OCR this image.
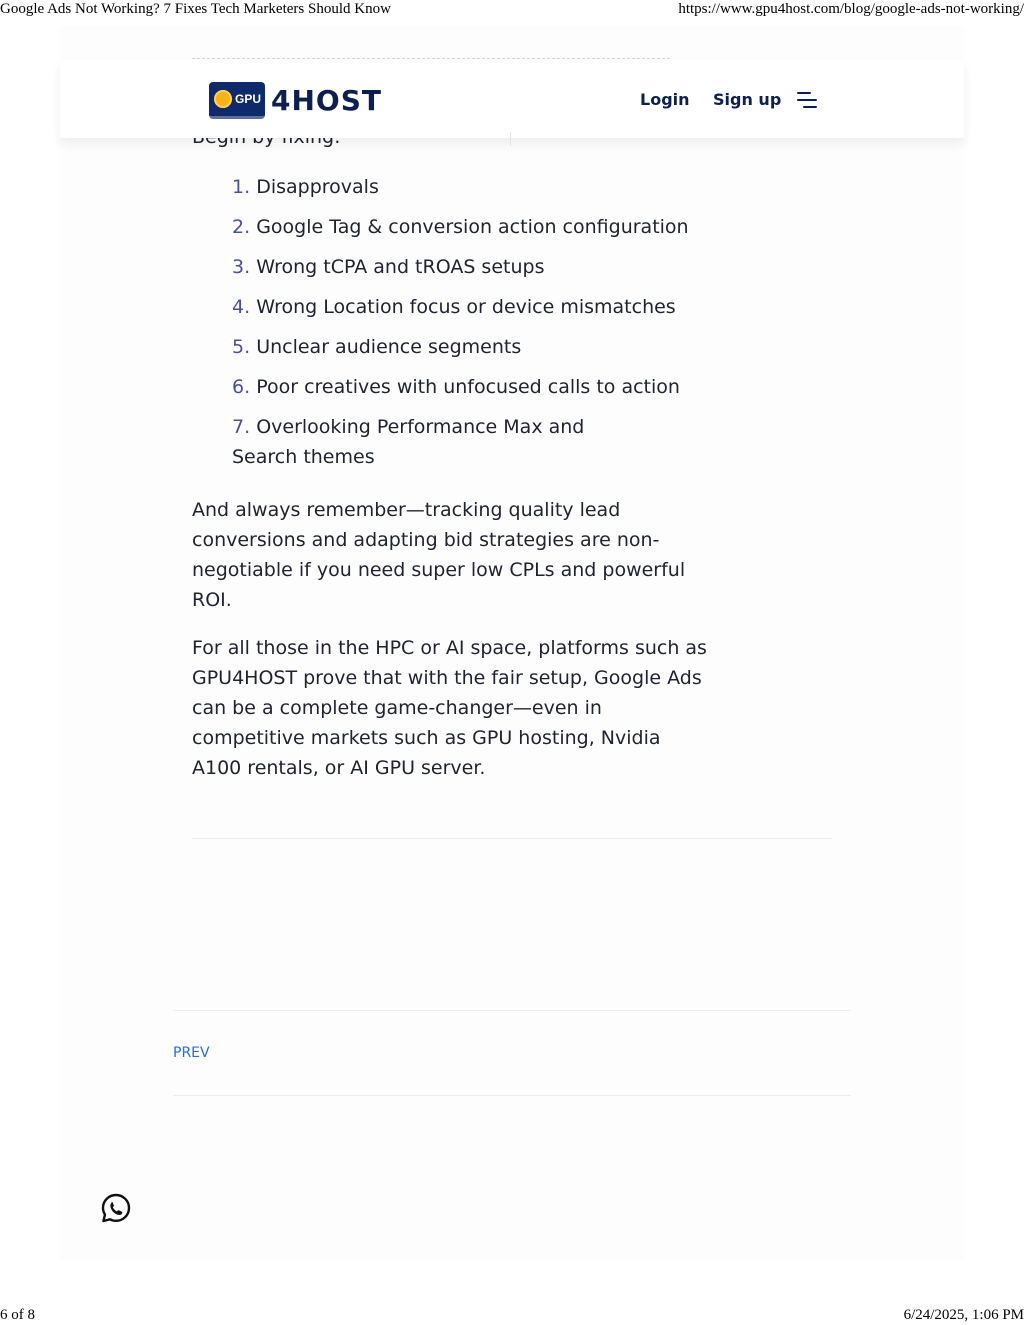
Google Ads Not Working? 7 Fixes Tech Marketers Should Know	https://www.gpu4host.com/blog/google-ads-not-working/
GPU 4HOST	Login Sign up
1. Disapprovals
2. Google Tag & conversion action configuration
3. Wrong tCPA and tROAS setups
4. Wrong Location focus or device mismatches
5. Unclear audience segments
6. Poor creatives with unfocused calls to action
7. Overlooking Performance Max and Search themes

And always remember—tracking quality lead conversions and adapting bid strategies are non-negotiable if you need super low CPLs and powerful ROI.

For all those in the HPC or AI space, platforms such as GPU4HOST prove that with the fair setup, Google Ads can be a complete game-changer—even in competitive markets such as GPU hosting, Nvidia A100 rentals, or AI GPU server.

PREV
6 of 8	6/24/2025, 1:06 PM
